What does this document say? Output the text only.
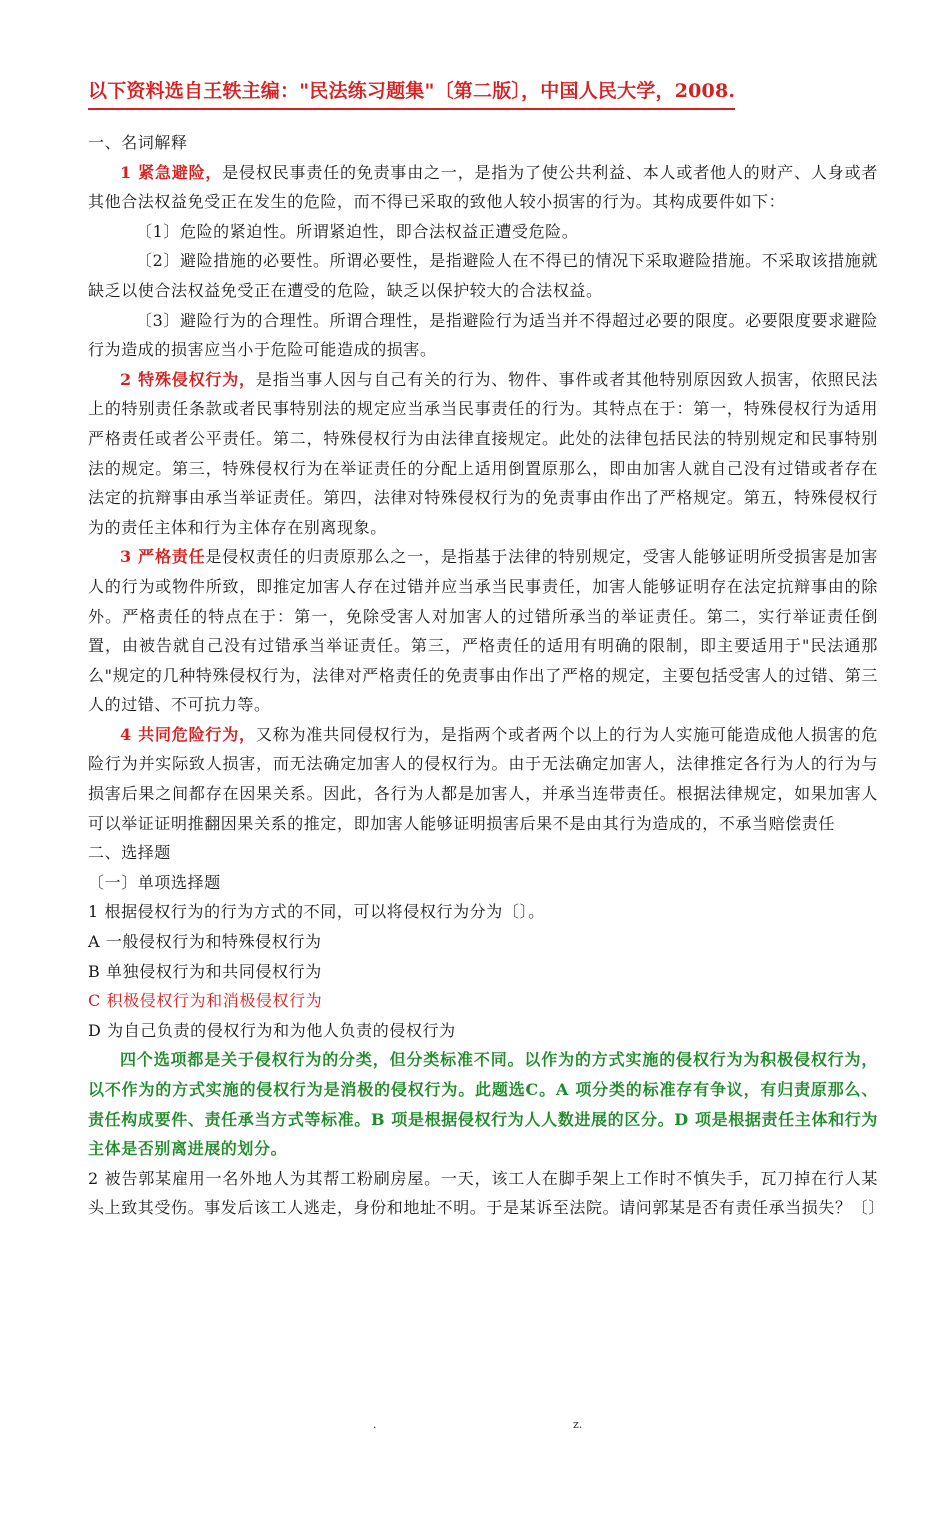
以下资料选自王轶主编："民法练习题集"〔第二版〕，中国人民大学，2008.

一、名词解释

1 紧急避险，是侵权民事责任的免责事由之一，是指为了使公共利益、本人或者他人的财产、人身或者其他合法权益免受正在发生的危险，而不得已采取的致他人较小损害的行为。其构成要件如下：

〔1〕危险的紧迫性。所谓紧迫性，即合法权益正遭受危险。

〔2〕避险措施的必要性。所谓必要性，是指避险人在不得已的情况下采取避险措施。不采取该措施就缺乏以使合法权益免受正在遭受的危险，缺乏以保护较大的合法权益。

〔3〕避险行为的合理性。所谓合理性，是指避险行为适当并不得超过必要的限度。必要限度要求避险行为造成的损害应当小于危险可能造成的损害。

2 特殊侵权行为，是指当事人因与自己有关的行为、物件、事件或者其他特别原因致人损害，依照民法上的特别责任条款或者民事特别法的规定应当承当民事责任的行为。其特点在于：第一，特殊侵权行为适用严格责任或者公平责任。第二，特殊侵权行为由法律直接规定。此处的法律包括民法的特别规定和民事特别法的规定。第三，特殊侵权行为在举证责任的分配上适用倒置原那么，即由加害人就自己没有过错或者存在法定的抗辩事由承当举证责任。第四，法律对特殊侵权行为的免责事由作出了严格规定。第五，特殊侵权行为的责任主体和行为主体存在别离现象。

3 严格责任是侵权责任的归责原那么之一，是指基于法律的特别规定，受害人能够证明所受损害是加害人的行为或物件所致，即推定加害人存在过错并应当承当民事责任，加害人能够证明存在法定抗辩事由的除外。严格责任的特点在于：第一，免除受害人对加害人的过错所承当的举证责任。第二，实行举证责任倒置，由被告就自己没有过错承当举证责任。第三，严格责任的适用有明确的限制，即主要适用于"民法通那么"规定的几种特殊侵权行为，法律对严格责任的免责事由作出了严格的规定，主要包括受害人的过错、第三人的过错、不可抗力等。

4 共同危险行为，又称为准共同侵权行为，是指两个或者两个以上的行为人实施可能造成他人损害的危险行为并实际致人损害，而无法确定加害人的侵权行为。由于无法确定加害人，法律推定各行为人的行为与损害后果之间都存在因果关系。因此，各行为人都是加害人，并承当连带责任。根据法律规定，如果加害人可以举证证明推翻因果关系的推定，即加害人能够证明损害后果不是由其行为造成的，不承当赔偿责任

二、选择题

〔一〕单项选择题

1 根据侵权行为的行为方式的不同，可以将侵权行为分为〔〕。

A 一般侵权行为和特殊侵权行为

B 单独侵权行为和共同侵权行为

C 积极侵权行为和消极侵权行为

D 为自己负责的侵权行为和为他人负责的侵权行为

四个选项都是关于侵权行为的分类，但分类标准不同。以作为的方式实施的侵权行为为积极侵权行为，以不作为的方式实施的侵权行为是消极的侵权行为。此题选C。A 项分类的标准存有争议，有归责原那么、责任构成要件、责任承当方式等标准。B 项是根据侵权行为人人数进展的区分。D 项是根据责任主体和行为主体是否别离进展的划分。

2 被告郭某雇用一名外地人为其帮工粉刷房屋。一天，该工人在脚手架上工作时不慎失手，瓦刀掉在行人某头上致其受伤。事发后该工人逃走，身份和地址不明。于是某诉至法院。请问郭某是否有责任承当损失？〔〕

.	z.
